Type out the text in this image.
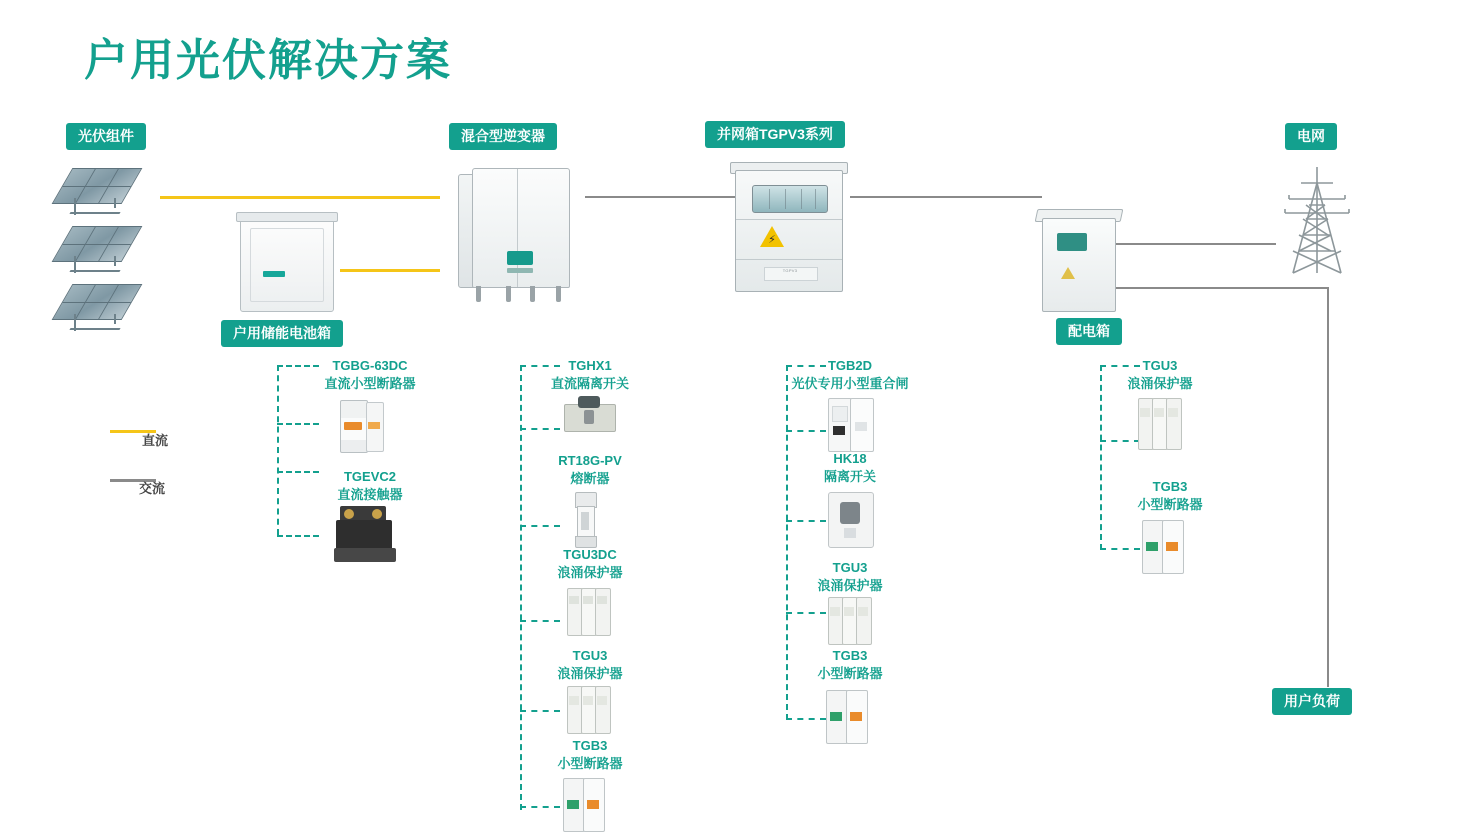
户用光伏解决方案
光伏组件	混合型逆变器	并网箱TGPV3系列	电网
户用储能电池箱	配电箱
用户负荷
直流
交流
⚡
TGPV3
TGBG-63DC
直流小型断路器
TGEVC2
直流接触器
TGHX1
直流隔离开关
RT18G-PV
熔断器
TGU3DC
浪涌保护器
TGU3
浪涌保护器
TGB3
小型断路器
TGB2D
光伏专用小型重合闸
HK18
隔离开关
TGU3
浪涌保护器
TGB3
小型断路器
TGU3
浪涌保护器
TGB3
小型断路器
